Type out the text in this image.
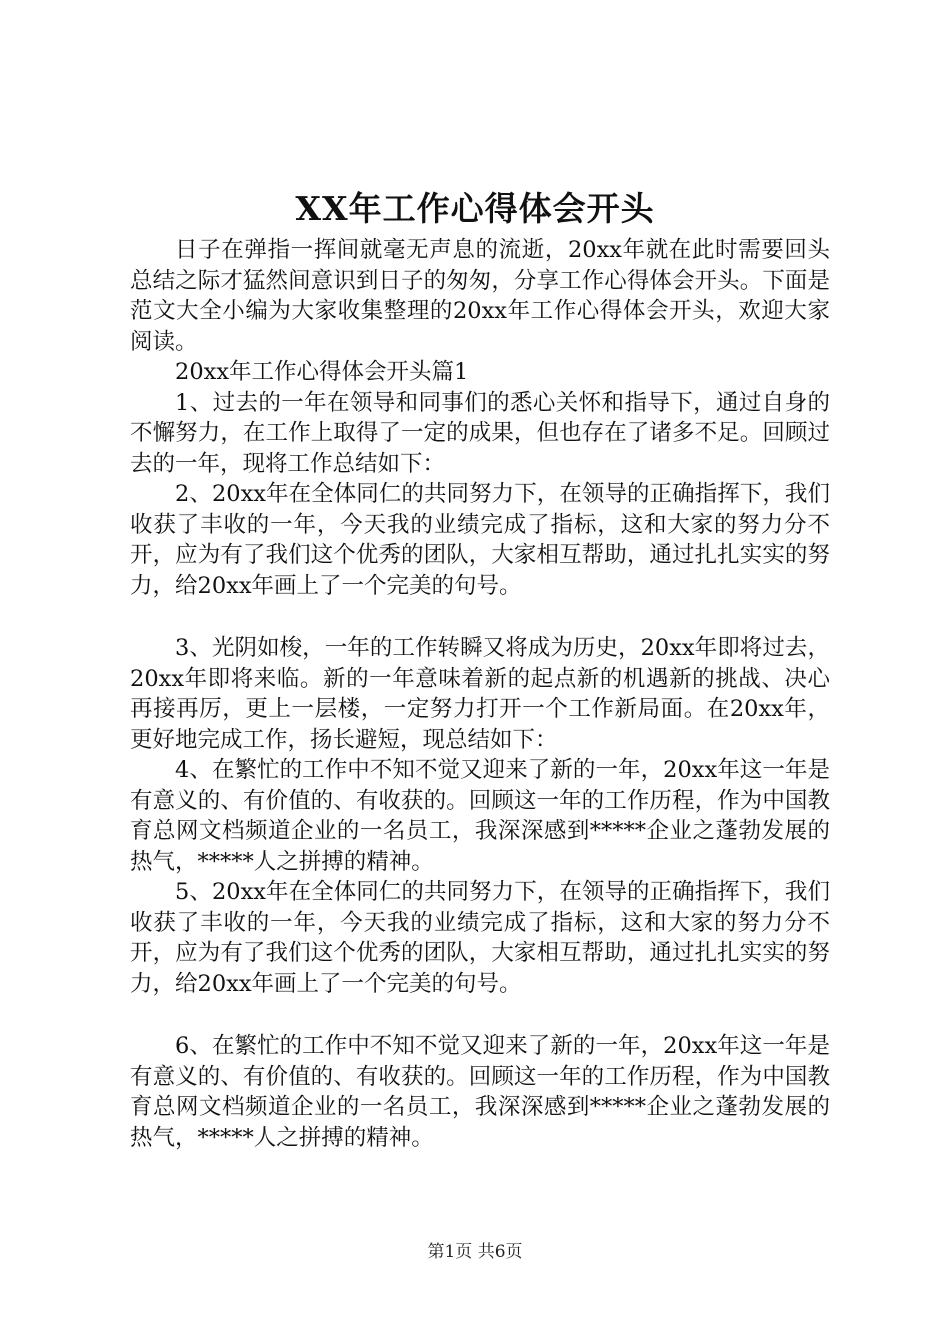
XX年工作心得体会开头

日子在弹指一挥间就毫无声息的流逝，20xx年就在此时需要回头总结之际才猛然间意识到日子的匆匆，分享工作心得体会开头。下面是范文大全小编为大家收集整理的20xx年工作心得体会开头，欢迎大家阅读。

20xx年工作心得体会开头篇1

1、过去的一年在领导和同事们的悉心关怀和指导下，通过自身的不懈努力，在工作上取得了一定的成果，但也存在了诸多不足。回顾过去的一年，现将工作总结如下：

2、20xx年在全体同仁的共同努力下，在领导的正确指挥下，我们收获了丰收的一年，今天我的业绩完成了指标，这和大家的努力分不开，应为有了我们这个优秀的团队，大家相互帮助，通过扎扎实实的努力，给20xx年画上了一个完美的句号。

3、光阴如梭，一年的工作转瞬又将成为历史，20xx年即将过去，20xx年即将来临。新的一年意味着新的起点新的机遇新的挑战、决心再接再厉，更上一层楼，一定努力打开一个工作新局面。在20xx年，更好地完成工作，扬长避短，现总结如下：

4、在繁忙的工作中不知不觉又迎来了新的一年，20xx年这一年是有意义的、有价值的、有收获的。回顾这一年的工作历程，作为中国教育总网文档频道企业的一名员工，我深深感到*****企业之蓬勃发展的热气，*****人之拼搏的精神。

5、20xx年在全体同仁的共同努力下，在领导的正确指挥下，我们收获了丰收的一年，今天我的业绩完成了指标，这和大家的努力分不开，应为有了我们这个优秀的团队，大家相互帮助，通过扎扎实实的努力，给20xx年画上了一个完美的句号。

6、在繁忙的工作中不知不觉又迎来了新的一年，20xx年这一年是有意义的、有价值的、有收获的。回顾这一年的工作历程，作为中国教育总网文档频道企业的一名员工，我深深感到*****企业之蓬勃发展的热气，*****人之拼搏的精神。

第1页 共6页
